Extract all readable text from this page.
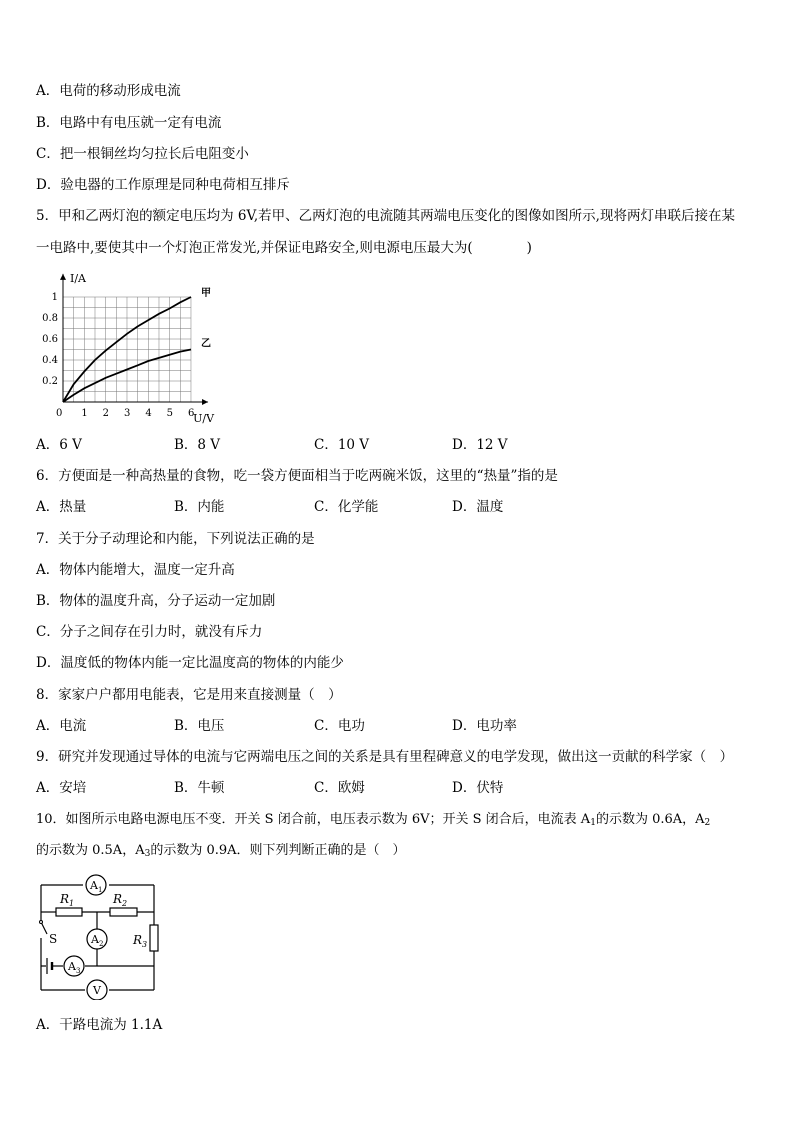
A．电荷的移动形成电流
B．电路中有电压就一定有电流
C．把一根铜丝均匀拉长后电阻变小
D．验电器的工作原理是同种电荷相互排斥
5．甲和乙两灯泡的额定电压均为 6V,若甲、乙两灯泡的电流随其两端电压变化的图像如图所示,现将两灯串联后接在某
一电路中,要使其中一个灯泡正常发光,并保证电路安全,则电源电压最大为(　　　　)
I/A
U/V
0 1 2 3 4 5 6
0.2
0.4
0.6
0.8
1	甲
乙
A．6 V	B．8 V	C．10 V	D．12 V
6．方便面是一种高热量的食物，吃一袋方便面相当于吃两碗米饭，这里的“热量”指的是
A．热量	B．内能	C．化学能	D．温度
7．关于分子动理论和内能，下列说法正确的是
A．物体内能增大，温度一定升高
B．物体的温度升高，分子运动一定加剧
C．分子之间存在引力时，就没有斥力
D．温度低的物体内能一定比温度高的物体的内能少
8．家家户户都用电能表，它是用来直接测量（　）
A．电流	B．电压	C．电功	D．电功率
9．研究并发现通过导体的电流与它两端电压之间的关系是具有里程碑意义的电学发现，做出这一贡献的科学家（　）
A．安培	B．牛顿	C．欧姆	D．伏特
10．如图所示电路电源电压不变．开关 S 闭合前，电压表示数为 6V；开关 S 闭合后，电流表 $A_1$的示数为 0.6A，$A_2$
的示数为 0.5A，$A_3$的示数为 0.9A．则下列判断正确的是（　）
S
$R_1$	$R_2$
$R_3$
$A_1$
$A_2$
$A_3$
V
A．干路电流为 1.1A
